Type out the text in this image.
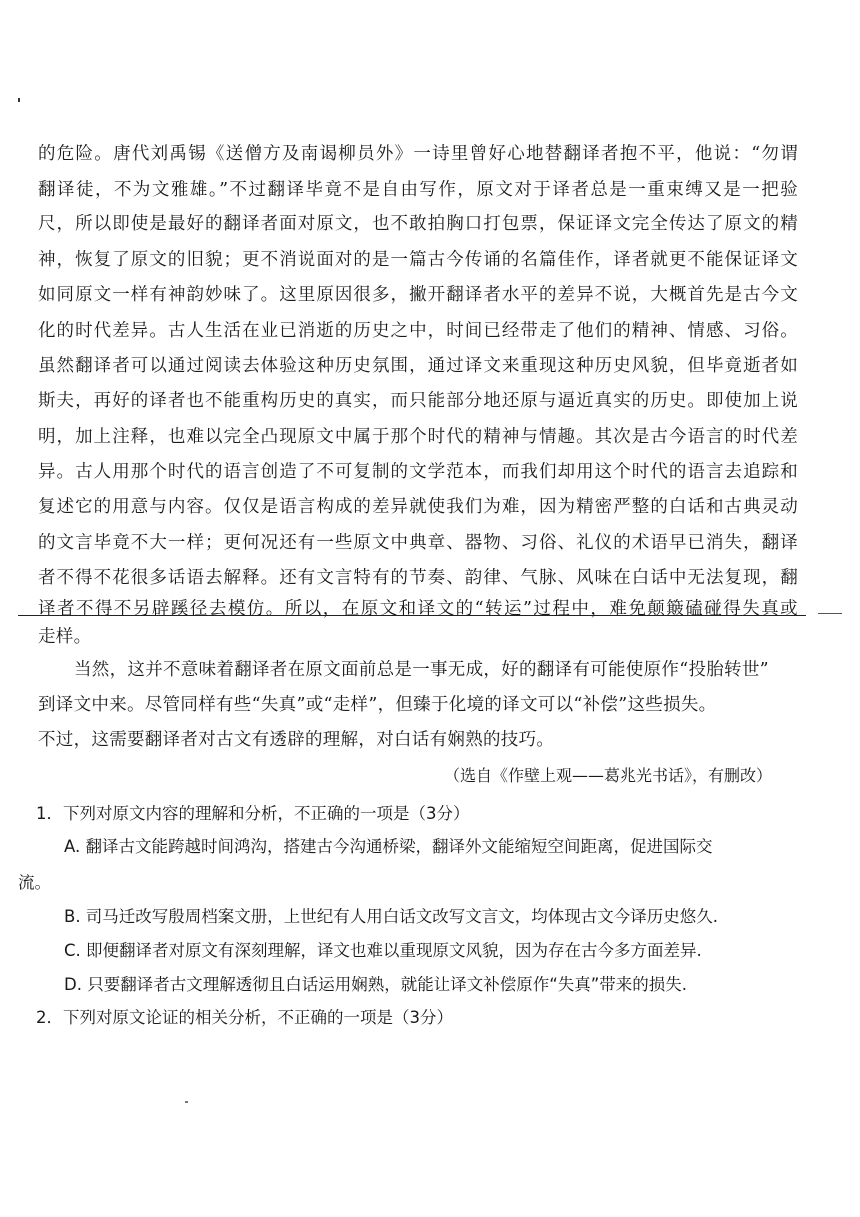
的危险。唐代刘禹锡《送僧方及南谒柳员外》一诗里曾好心地替翻译者抱不平，他说：“勿谓
翻译徒，不为文雅雄。”不过翻译毕竟不是自由写作，原文对于译者总是一重束缚又是一把验
尺，所以即使是最好的翻译者面对原文，也不敢拍胸口打包票，保证译文完全传达了原文的精
神，恢复了原文的旧貌；更不消说面对的是一篇古今传诵的名篇佳作，译者就更不能保证译文
如同原文一样有神韵妙味了。这里原因很多，撇开翻译者水平的差异不说，大概首先是古今文
化的时代差异。古人生活在业已消逝的历史之中，时间已经带走了他们的精神、情感、习俗。
虽然翻译者可以通过阅读去体验这种历史氛围，通过译文来重现这种历史风貌，但毕竟逝者如
斯夫，再好的译者也不能重构历史的真实，而只能部分地还原与逼近真实的历史。即使加上说
明，加上注释，也难以完全凸现原文中属于那个时代的精神与情趣。其次是古今语言的时代差
异。古人用那个时代的语言创造了不可复制的文学范本，而我们却用这个时代的语言去追踪和
复述它的用意与内容。仅仅是语言构成的差异就使我们为难，因为精密严整的白话和古典灵动
的文言毕竟不大一样；更何况还有一些原文中典章、器物、习俗、礼仪的术语早已消失，翻译
者不得不花很多话语去解释。还有文言特有的节奏、韵律、气脉、风味在白话中无法复现，翻
译者不得不另辟蹊径去模仿。所以，在原文和译文的“转运”过程中，难免颠簸磕碰得失真或
走样。
当然，这并不意味着翻译者在原文面前总是一事无成，好的翻译有可能使原作“投胎转世”
到译文中来。尽管同样有些“失真”或“走样”，但臻于化境的译文可以“补偿”这些损失。
不过，这需要翻译者对古文有透辟的理解，对白话有娴熟的技巧。
（选自《作壁上观——葛兆光书话》，有删改）
1．下列对原文内容的理解和分析，不正确的一项是（3分）
A. 翻译古文能跨越时间鸿沟，搭建古今沟通桥梁，翻译外文能缩短空间距离，促进国际交
流。
B. 司马迁改写殷周档案文册，上世纪有人用白话文改写文言文，均体现古文今译历史悠久.
C. 即便翻译者对原文有深刻理解，译文也难以重现原文风貌，因为存在古今多方面差异.
D. 只要翻译者古文理解透彻且白话运用娴熟，就能让译文补偿原作“失真”带来的损失.
2．下列对原文论证的相关分析，不正确的一项是（3分）
